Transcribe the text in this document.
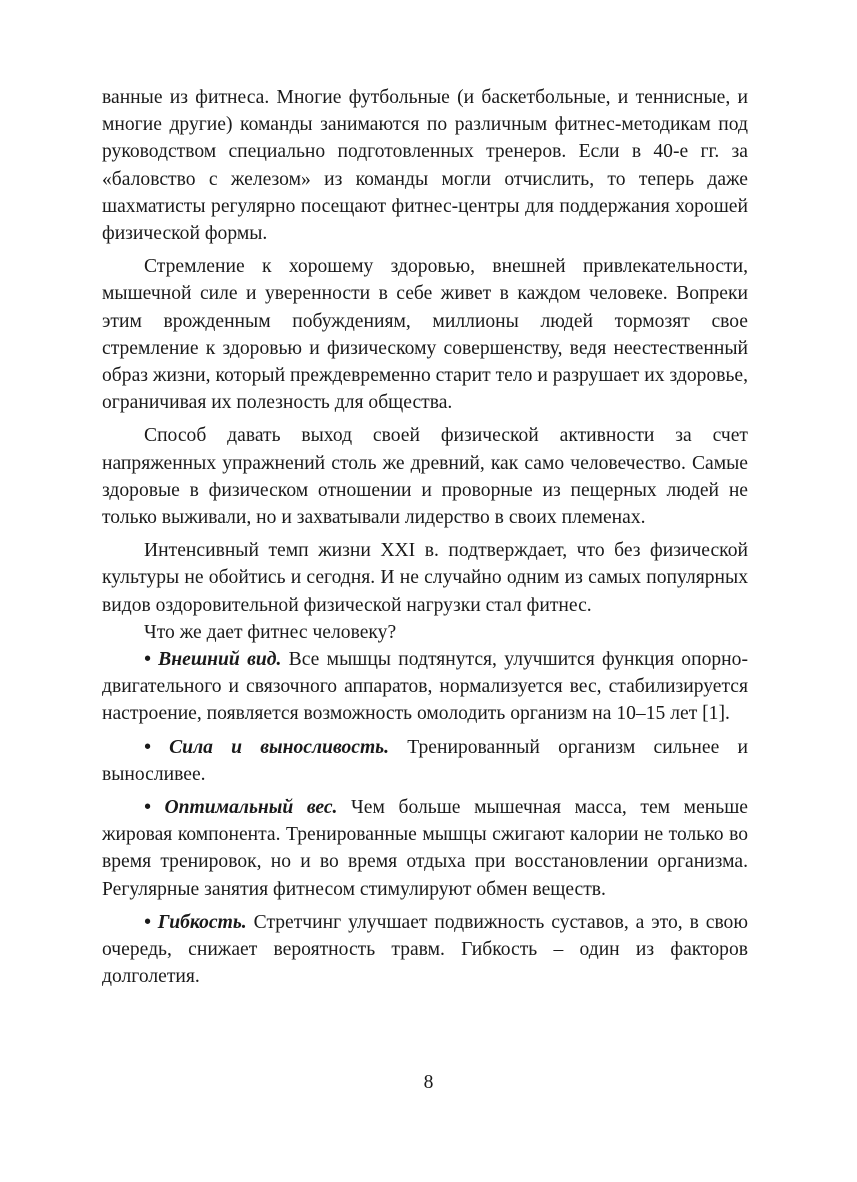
ванные из фитнеса. Многие футбольные (и баскетбольные, и теннисные, и многие другие) команды занимаются по различным фитнес-методикам под руководством специально подготовленных тренеров. Если в 40-е гг. за «баловство с железом» из команды могли отчислить, то теперь даже шахматисты регулярно посещают фитнес-центры для поддержания хорошей физической формы.

Стремление к хорошему здоровью, внешней привлекательности, мышечной силе и уверенности в себе живет в каждом человеке. Вопреки этим врожденным побуждениям, миллионы людей тормозят свое стремление к здоровью и физическому совершенству, ведя неестественный образ жизни, который преждевременно старит тело и разрушает их здоровье, ограничивая их полезность для общества.

Способ давать выход своей физической активности за счет напряженных упражнений столь же древний, как само человечество. Самые здоровые в физическом отношении и проворные из пещерных людей не только выживали, но и захватывали лидерство в своих племенах.

Интенсивный темп жизни XXI в. подтверждает, что без физической культуры не обойтись и сегодня. И не случайно одним из самых популярных видов оздоровительной физической нагрузки стал фитнес.

Что же дает фитнес человеку?

• Внешний вид. Все мышцы подтянутся, улучшится функция опорно-двигательного и связочного аппаратов, нормализуется вес, стабилизируется настроение, появляется возможность омолодить организм на 10–15 лет [1].

• Сила и выносливость. Тренированный организм сильнее и выносливее.

• Оптимальный вес. Чем больше мышечная масса, тем меньше жировая компонента. Тренированные мышцы сжигают калории не только во время тренировок, но и во время отдыха при восстановлении организма. Регулярные занятия фитнесом стимулируют обмен веществ.

• Гибкость. Стретчинг улучшает подвижность суставов, а это, в свою очередь, снижает вероятность травм. Гибкость – один из факторов долголетия.

8
